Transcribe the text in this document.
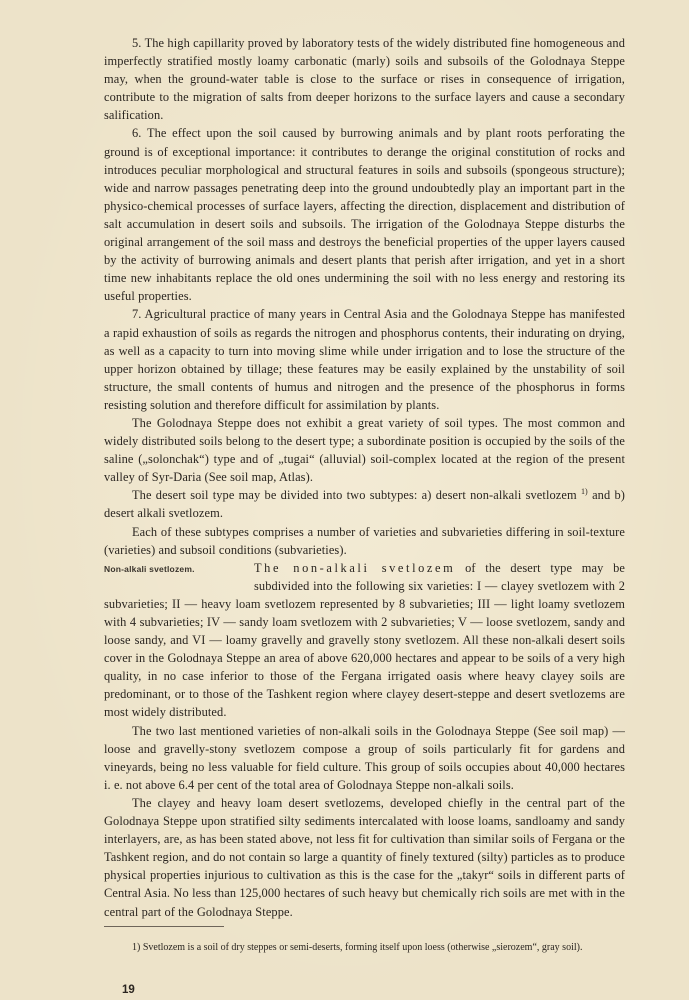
5. The high capillarity proved by laboratory tests of the widely distributed fine homogeneous and imperfectly stratified mostly loamy carbonatic (marly) soils and subsoils of the Golodnaya Steppe may, when the ground-water table is close to the surface or rises in consequence of irrigation, contribute to the migration of salts from deeper horizons to the surface layers and cause a secondary salification.

6. The effect upon the soil caused by burrowing animals and by plant roots perforating the ground is of exceptional importance: it contributes to derange the original constitution of rocks and introduces peculiar morphological and structural features in soils and subsoils (spongeous structure); wide and narrow passages penetrating deep into the ground undoubtedly play an important part in the physico-chemical processes of surface layers, affecting the direction, displacement and distribution of salt accumulation in desert soils and subsoils. The irrigation of the Golodnaya Steppe disturbs the original arrangement of the soil mass and destroys the beneficial properties of the upper layers caused by the activity of burrowing animals and desert plants that perish after irrigation, and yet in a short time new inhabitants replace the old ones undermining the soil with no less energy and restoring its useful properties.

7. Agricultural practice of many years in Central Asia and the Golodnaya Steppe has manifested a rapid exhaustion of soils as regards the nitrogen and phosphorus contents, their indurating on drying, as well as a capacity to turn into moving slime while under irrigation and to lose the structure of the upper horizon obtained by tillage; these features may be easily explained by the unstability of soil structure, the small contents of humus and nitrogen and the presence of the phosphorus in forms resisting solution and therefore difficult for assimilation by plants.

The Golodnaya Steppe does not exhibit a great variety of soil types. The most common and widely distributed soils belong to the desert type; a subordinate position is occupied by the soils of the saline („solonchak“) type and of „tugai“ (alluvial) soil-complex located at the region of the present valley of Syr-Daria (See soil map, Atlas).

The desert soil type may be divided into two subtypes: a) desert non-alkali svetlozem $^{1)}$ and b) desert alkali svetlozem.

Each of these subtypes comprises a number of varieties and subvarieties differing in soil-texture (varieties) and subsoil conditions (subvarieties).

The non-alkali svetlozem of the desert type may be subdivided into the following six varieties: I — clayey svetlozem with 2 subvarieties; II — heavy loam svetlozem represented by 8 subvarieties; III — light loamy svetlozem with 4 subvarieties; IV — sandy loam svetlozem with 2 subvarieties; V — loose svetlozem, sandy and loose sandy, and VI — loamy gravelly and gravelly stony svetlozem. All these non-alkali desert soils cover in the Golodnaya Steppe an area of above 620,000 hectares and appear to be soils of a very high quality, in no case inferior to those of the Fergana irrigated oasis where heavy clayey soils are predominant, or to those of the Tashkent region where clayey desert-steppe and desert svetlozems are most widely distributed.

The two last mentioned varieties of non-alkali soils in the Golodnaya Steppe (See soil map) — loose and gravelly-stony svetlozem compose a group of soils particularly fit for gardens and vineyards, being no less valuable for field culture. This group of soils occupies about 40,000 hectares i. e. not above 6.4 per cent of the total area of Golodnaya Steppe non-alkali soils.

The clayey and heavy loam desert svetlozems, developed chiefly in the central part of the Golodnaya Steppe upon stratified silty sediments intercalated with loose loams, sandloamy and sandy interlayers, are, as has been stated above, not less fit for cultivation than similar soils of Fergana or the Tashkent region, and do not contain so large a quantity of finely textured (silty) particles as to produce physical properties injurious to cultivation as this is the case for the „takyr“ soils in different parts of Central Asia. No less than 125,000 hectares of such heavy but chemically rich soils are met with in the central part of the Golodnaya Steppe.

Non-alkali svetlozem.

1) Svetlozem is a soil of dry steppes or semi-deserts, forming itself upon loess (otherwise „sierozem“, gray soil).

19
